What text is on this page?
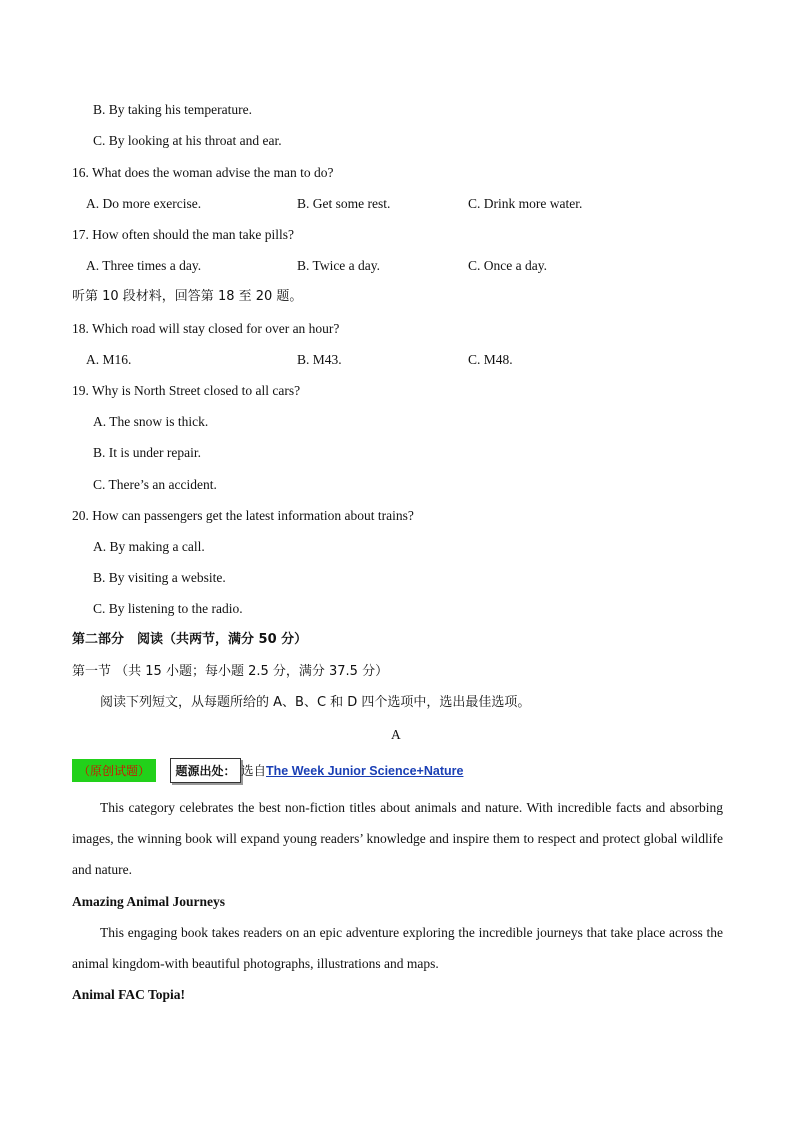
B. By taking his temperature.
C. By looking at his throat and ear.
16. What does the woman advise the man to do?
A. Do more exercise.	B. Get some rest.	C. Drink more water.
17. How often should the man take pills?
A. Three times a day.	B. Twice a day.	C. Once a day.
听第 10 段材料，回答第 18 至 20 题。
18. Which road will stay closed for over an hour?
A. M16.	B. M43.	C. M48.
19. Why is North Street closed to all cars?
A. The snow is thick.
B. It is under repair.
C. There’s an accident.
20. How can passengers get the latest information about trains?
A. By making a call.
B. By visiting a website.
C. By listening to the radio.
第二部分　阅读（共两节，满分 50 分）
第一节 （共 15 小题；每小题 2.5 分，满分 37.5 分）
阅读下列短文，从每题所给的 A、B、C 和 D 四个选项中，选出最佳选项。
A
（原创试题）	题源出处： 选自The Week Junior Science+Nature
This category celebrates the best non-fiction titles about animals and nature. With incredible facts and absorbing images, the winning book will expand young readers’ knowledge and inspire them to respect and protect global wildlife and nature.
Amazing Animal Journeys
This engaging book takes readers on an epic adventure exploring the incredible journeys that take place across the animal kingdom-with beautiful photographs, illustrations and maps.
Animal FAC Topia!
